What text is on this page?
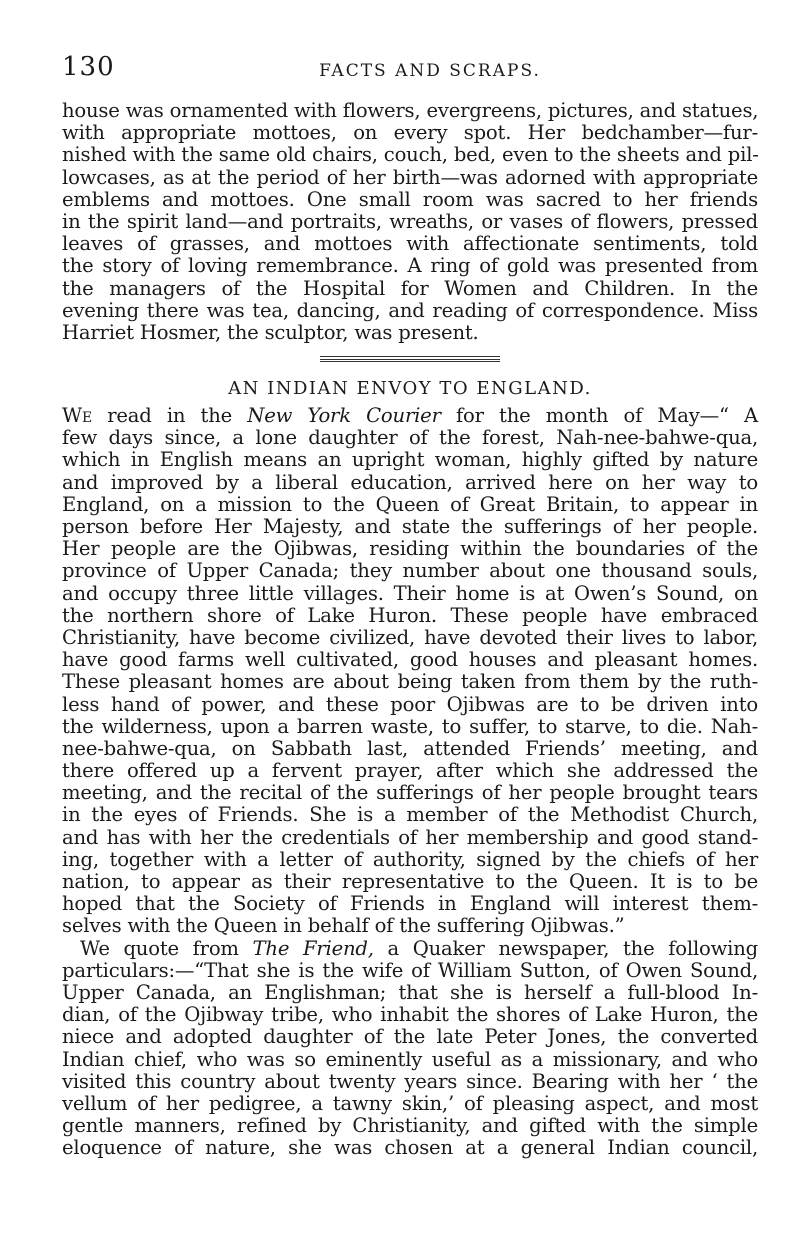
130	FACTS AND SCRAPS.
house was ornamented with flowers, evergreens, pictures, and statues,
with appropriate mottoes, on every spot. Her bedchamber—fur-
nished with the same old chairs, couch, bed, even to the sheets and pil-
lowcases, as at the period of her birth—was adorned with appropriate
emblems and mottoes. One small room was sacred to her friends
in the spirit land—and portraits, wreaths, or vases of flowers, pressed
leaves of grasses, and mottoes with affectionate sentiments, told
the story of loving remembrance. A ring of gold was presented from
the managers of the Hospital for Women and Children. In the
evening there was tea, dancing, and reading of correspondence. Miss
Harriet Hosmer, the sculptor, was present.
AN INDIAN ENVOY TO ENGLAND.
We read in the New York Courier for the month of May—“ A
few days since, a lone daughter of the forest, Nah-nee-bahwe-qua,
which in English means an upright woman, highly gifted by nature
and improved by a liberal education, arrived here on her way to
England, on a mission to the Queen of Great Britain, to appear in
person before Her Majesty, and state the sufferings of her people.
Her people are the Ojibwas, residing within the boundaries of the
province of Upper Canada; they number about one thousand souls,
and occupy three little villages. Their home is at Owen’s Sound, on
the northern shore of Lake Huron. These people have embraced
Christianity, have become civilized, have devoted their lives to labor,
have good farms well cultivated, good houses and pleasant homes.
These pleasant homes are about being taken from them by the ruth-
less hand of power, and these poor Ojibwas are to be driven into
the wilderness, upon a barren waste, to suffer, to starve, to die. Nah-
nee-bahwe-qua, on Sabbath last, attended Friends’ meeting, and
there offered up a fervent prayer, after which she addressed the
meeting, and the recital of the sufferings of her people brought tears
in the eyes of Friends. She is a member of the Methodist Church,
and has with her the credentials of her membership and good stand-
ing, together with a letter of authority, signed by the chiefs of her
nation, to appear as their representative to the Queen. It is to be
hoped that the Society of Friends in England will interest them-
selves with the Queen in behalf of the suffering Ojibwas.”
We quote from The Friend, a Quaker newspaper, the following
particulars:—“That she is the wife of William Sutton, of Owen Sound,
Upper Canada, an Englishman; that she is herself a full-blood In-
dian, of the Ojibway tribe, who inhabit the shores of Lake Huron, the
niece and adopted daughter of the late Peter Jones, the converted
Indian chief, who was so eminently useful as a missionary, and who
visited this country about twenty years since. Bearing with her ‘ the
vellum of her pedigree, a tawny skin,’ of pleasing aspect, and most
gentle manners, refined by Christianity, and gifted with the simple
eloquence of nature, she was chosen at a general Indian council,
